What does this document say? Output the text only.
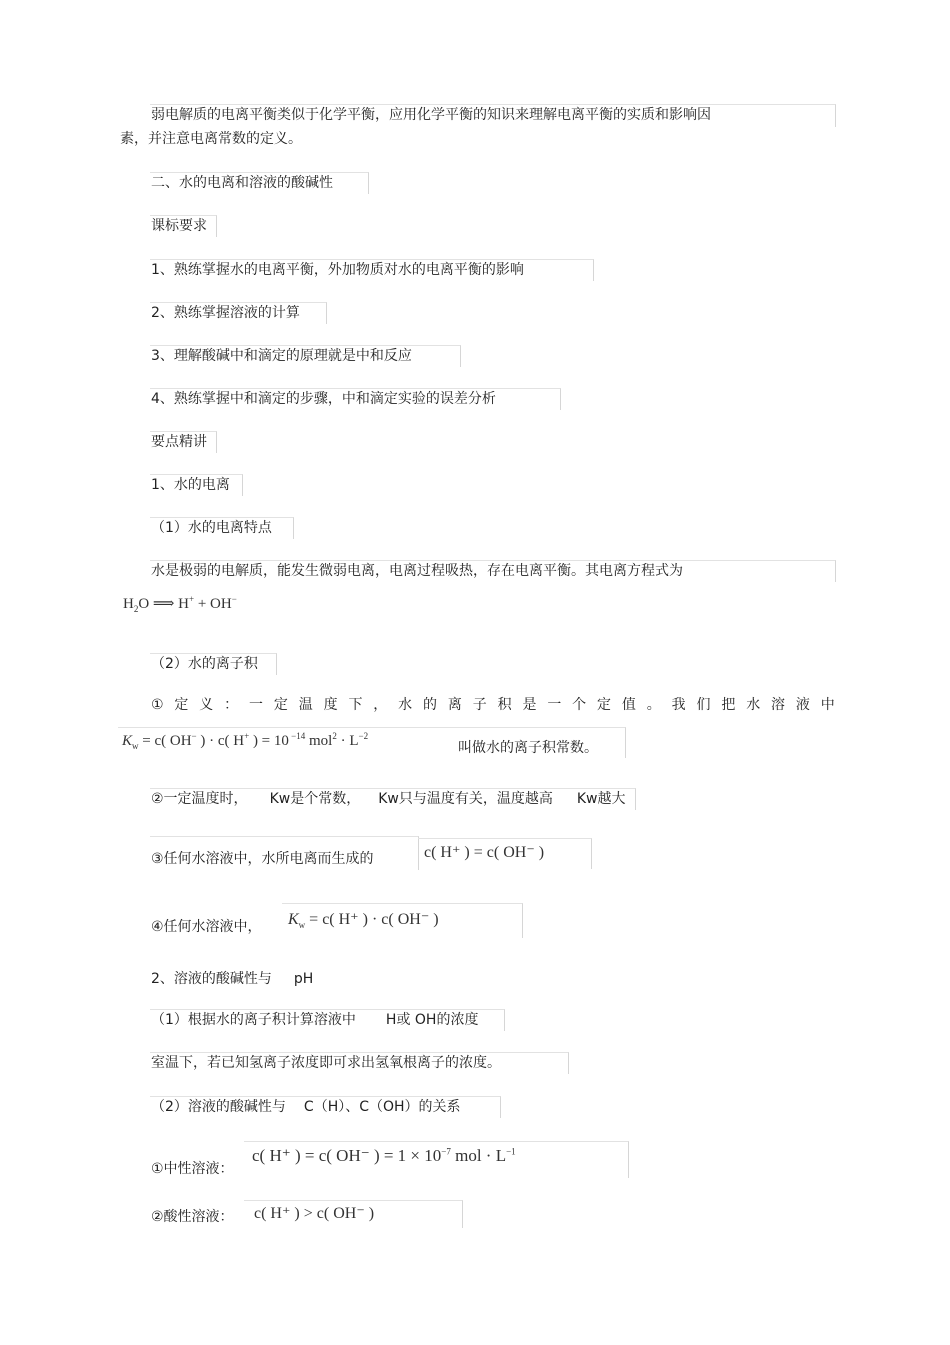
弱电解质的电离平衡类似于化学平衡，应用化学平衡的知识来理解电离平衡的实质和影响因
素，并注意电离常数的定义。
二、水的电离和溶液的酸碱性
课标要求
1、熟练掌握水的电离平衡，外加物质对水的电离平衡的影响
2、熟练掌握溶液的计算
3、理解酸碱中和滴定的原理就是中和反应
4、熟练掌握中和滴定的步骤，中和滴定实验的误差分析
要点精讲
1、水的电离
（1）水的电离特点
水是极弱的电解质，能发生微弱电离，电离过程吸热，存在电离平衡。其电离方程式为
$H_2O$ ⟹ H+ + OH−
（2）水的离子积
① 定 义 ： 一 定 温 度 下 ， 水 的 离 子 积 是 一 个 定 值 。 我 们 把 水 溶 液 中
$K_w = c$( OH− ) · c( H+ ) = 10 $^{-14}$ $mol^2 \cdot L^{-2}$
叫做水的离子积常数。
②一定温度时， Kw是个常数， Kw只与温度有关，温度越高 Kw越大
③任何水溶液中，水所电离而生成的	c( H⁺ ) = c( OH⁻ )
④任何水溶液中， $K_w = c$( H⁺ ) · c( OH⁻ )
2、溶液的酸碱性与 pH
（1）根据水的离子积计算溶液中 H或 OH的浓度
室温下，若已知氢离子浓度即可求出氢氧根离子的浓度。
（2）溶液的酸碱性与 C（H）、C（OH）的关系
①中性溶液：
c( H⁺ ) = c( OH⁻ ) = $1 \times 10^{-7}$ mol · $L^{-1}$
②酸性溶液： c( H⁺ ) > c( OH⁻ )
